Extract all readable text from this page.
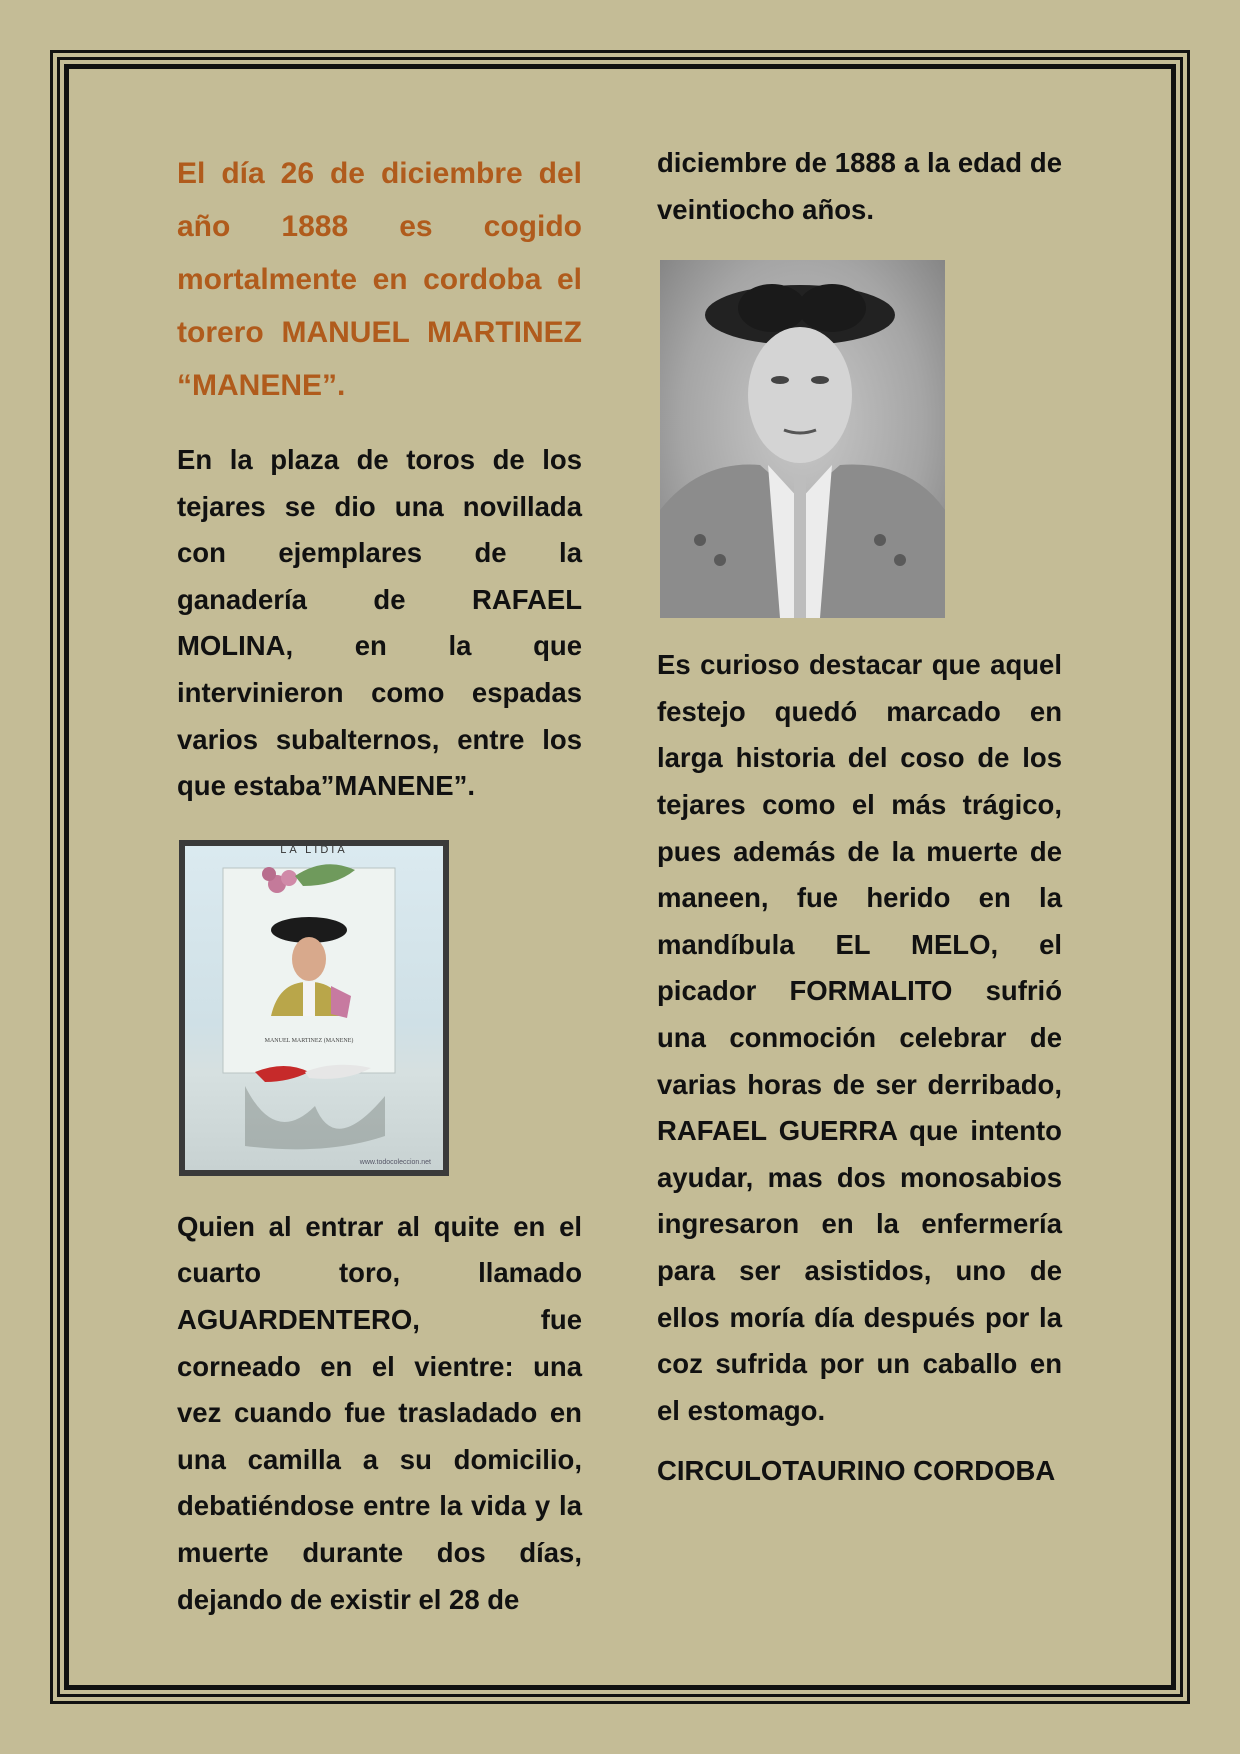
El día 26 de diciembre del año 1888 es cogido mortalmente en cordoba el torero MANUEL MARTINEZ “MANENE”.

En la plaza de toros de los tejares se dio una novillada con ejemplares de la ganadería de RAFAEL MOLINA, en la que intervinieron como espadas varios subalternos, entre los que estaba”MANENE”.

LA LIDIA
MANUEL MARTINEZ (MANENE)
www.todocoleccion.net

Quien al entrar al quite en el cuarto toro, llamado AGUARDENTERO, fue corneado en el vientre: una vez cuando fue trasladado en una camilla a su domicilio, debatiéndose entre la vida y la muerte durante dos días, dejando de existir el 28 de

diciembre de 1888 a la edad de veintiocho años.

Es curioso destacar que aquel festejo quedó marcado en larga historia del coso de los tejares como el más trágico, pues además de la muerte de maneen, fue herido en la mandíbula EL MELO, el picador FORMALITO sufrió una conmoción celebrar de varias horas de ser derribado, RAFAEL GUERRA que intento ayudar, mas dos monosabios ingresaron en la enfermería para ser asistidos, uno de ellos moría día después por la coz sufrida por un caballo en el estomago.

CIRCULOTAURINO CORDOBA
